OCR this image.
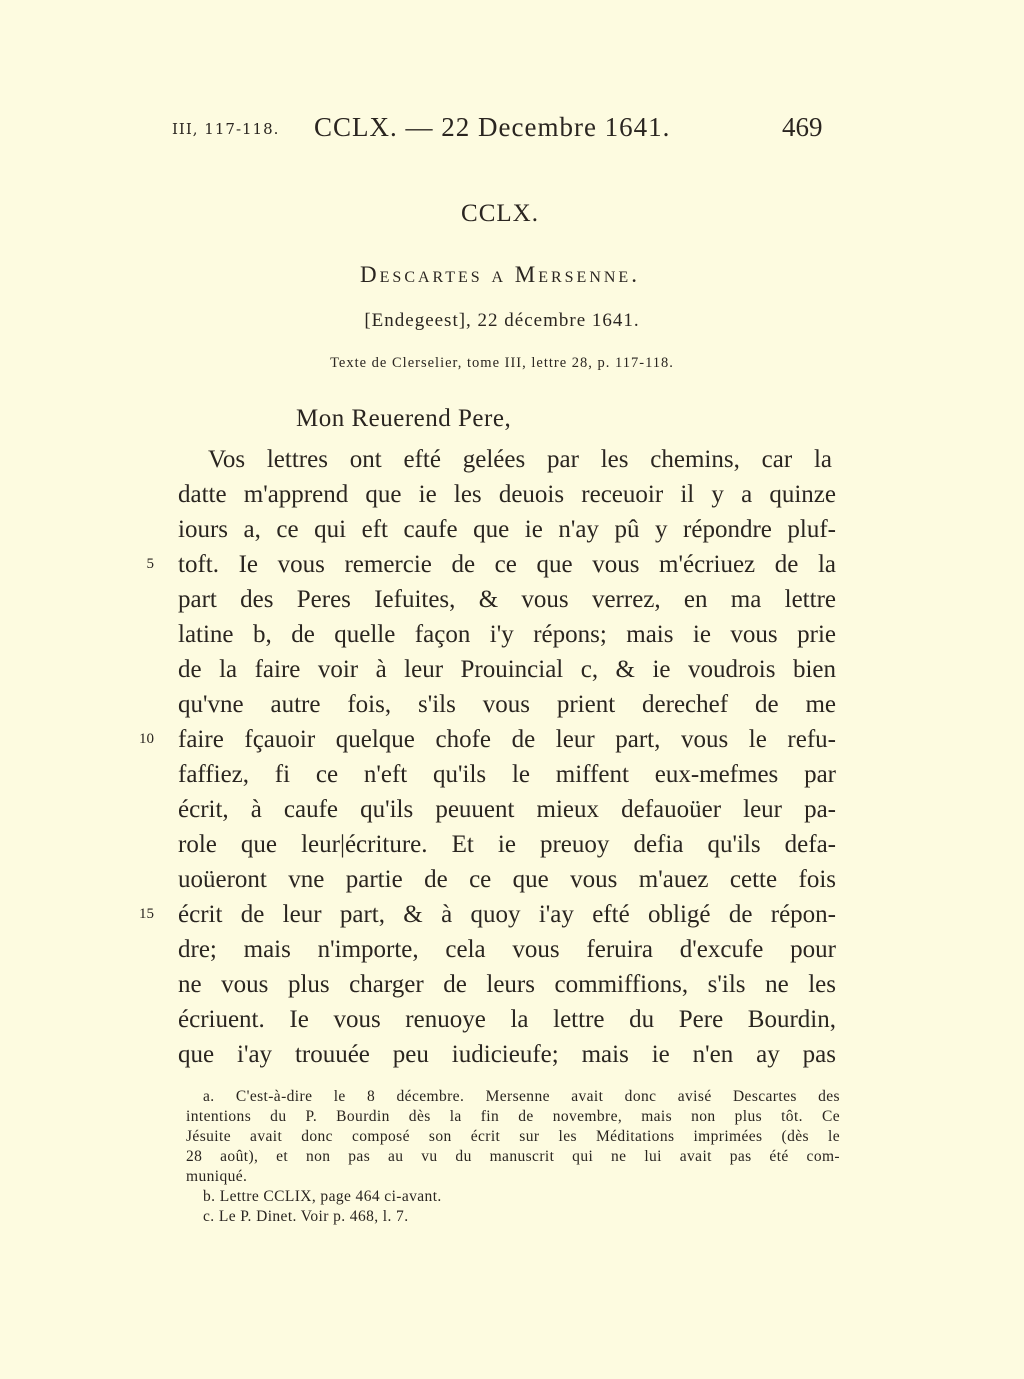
III, 117-118. CCLX. — 22 Decembre 1641.	469
CCLX.
Descartes a Mersenne.
[Endegeest], 22 décembre 1641.
Texte de Clerselier, tome III, lettre 28, p. 117-118.
Mon Reuerend Pere,
Vos lettres ont efté gelées par les chemins, car la
datte m'apprend que ie les deuois receuoir il y a quinze
iours a, ce qui eft caufe que ie n'ay pû y répondre pluf-
5 toft. Ie vous remercie de ce que vous m'écriuez de la
part des Peres Iefuites, & vous verrez, en ma lettre
latine b, de quelle façon i'y répons; mais ie vous prie
de la faire voir à leur Prouincial c, & ie voudrois bien
qu'vne autre fois, s'ils vous prient derechef de me
10 faire fçauoir quelque chofe de leur part, vous le refu-
faffiez, fi ce n'eft qu'ils le miffent eux-mefmes par
écrit, à caufe qu'ils peuuent mieux defauoüer leur pa-
role que leur|écriture. Et ie preuoy defia qu'ils defa-
uoüeront vne partie de ce que vous m'auez cette fois
15 écrit de leur part, & à quoy i'ay efté obligé de répon-
dre; mais n'importe, cela vous feruira d'excufe pour
ne vous plus charger de leurs commiffions, s'ils ne les
écriuent. Ie vous renuoye la lettre du Pere Bourdin,
que i'ay trouuée peu iudicieufe; mais ie n'en ay pas
a. C'est-à-dire le 8 décembre. Mersenne avait donc avisé Descartes des
intentions du P. Bourdin dès la fin de novembre, mais non plus tôt. Ce
Jésuite avait donc composé son écrit sur les Méditations imprimées (dès le
28 août), et non pas au vu du manuscrit qui ne lui avait pas été com-
muniqué.
b. Lettre CCLIX, page 464 ci-avant.
c. Le P. Dinet. Voir p. 468, l. 7.
